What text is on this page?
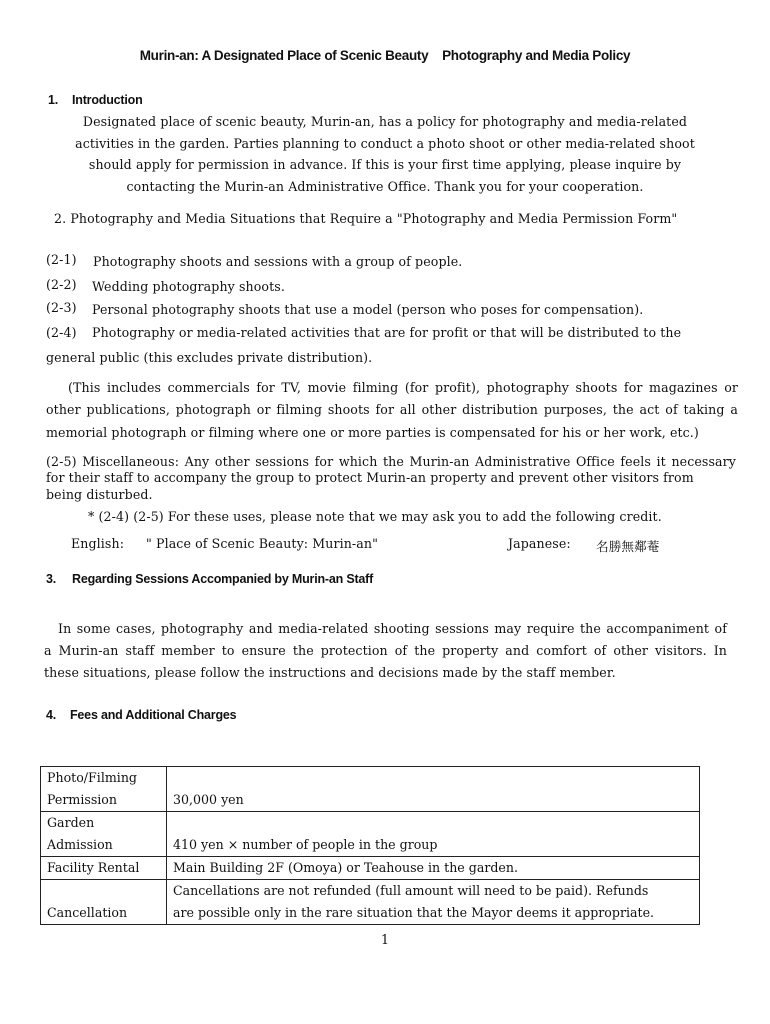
Murin-an: A Designated Place of Scenic Beauty    Photography and Media Policy
1. Introduction
Designated place of scenic beauty, Murin-an, has a policy for photography and media-related
activities in the garden. Parties planning to conduct a photo shoot or other media-related shoot
should apply for permission in advance. If this is your first time applying, please inquire by
contacting the Murin-an Administrative Office. Thank you for your cooperation.
2. Photography and Media Situations that Require a "Photography and Media Permission Form"
(2-1) Photography shoots and sessions with a group of people.
(2-2) Wedding photography shoots.
(2-3) Personal photography shoots that use a model (person who poses for compensation).
(2-4) Photography or media-related activities that are for profit or that will be distributed to the
general public (this excludes private distribution).
(This includes commercials for TV, movie filming (for profit), photography shoots for magazines or
other publications, photograph or filming shoots for all other distribution purposes, the act of taking a
memorial photograph or filming where one or more parties is compensated for his or her work, etc.)
(2-5) Miscellaneous: Any other sessions for which the Murin-an Administrative Office feels it necessary
for their staff to accompany the group to protect Murin-an property and prevent other visitors from
being disturbed.
* (2-4) (2-5) For these uses, please note that we may ask you to add the following credit.
English: " Place of Scenic Beauty: Murin-an"	Japanese: 名勝無鄰菴
3. Regarding Sessions Accompanied by Murin-an Staff
In some cases, photography and media-related shooting sessions may require the accompaniment of
a Murin-an staff member to ensure the protection of the property and comfort of other visitors. In
these situations, please follow the instructions and decisions made by the staff member.
4. Fees and Additional Charges
Photo/Filming
Permission	30,000 yen

Garden
Admission	410 yen × number of people in the group
Facility Rental	Main Building 2F (Omoya) or Teahouse in the garden.
Cancellation	Cancellations are not refunded (full amount will need to be paid). Refunds
are possible only in the rare situation that the Mayor deems it appropriate.
1
